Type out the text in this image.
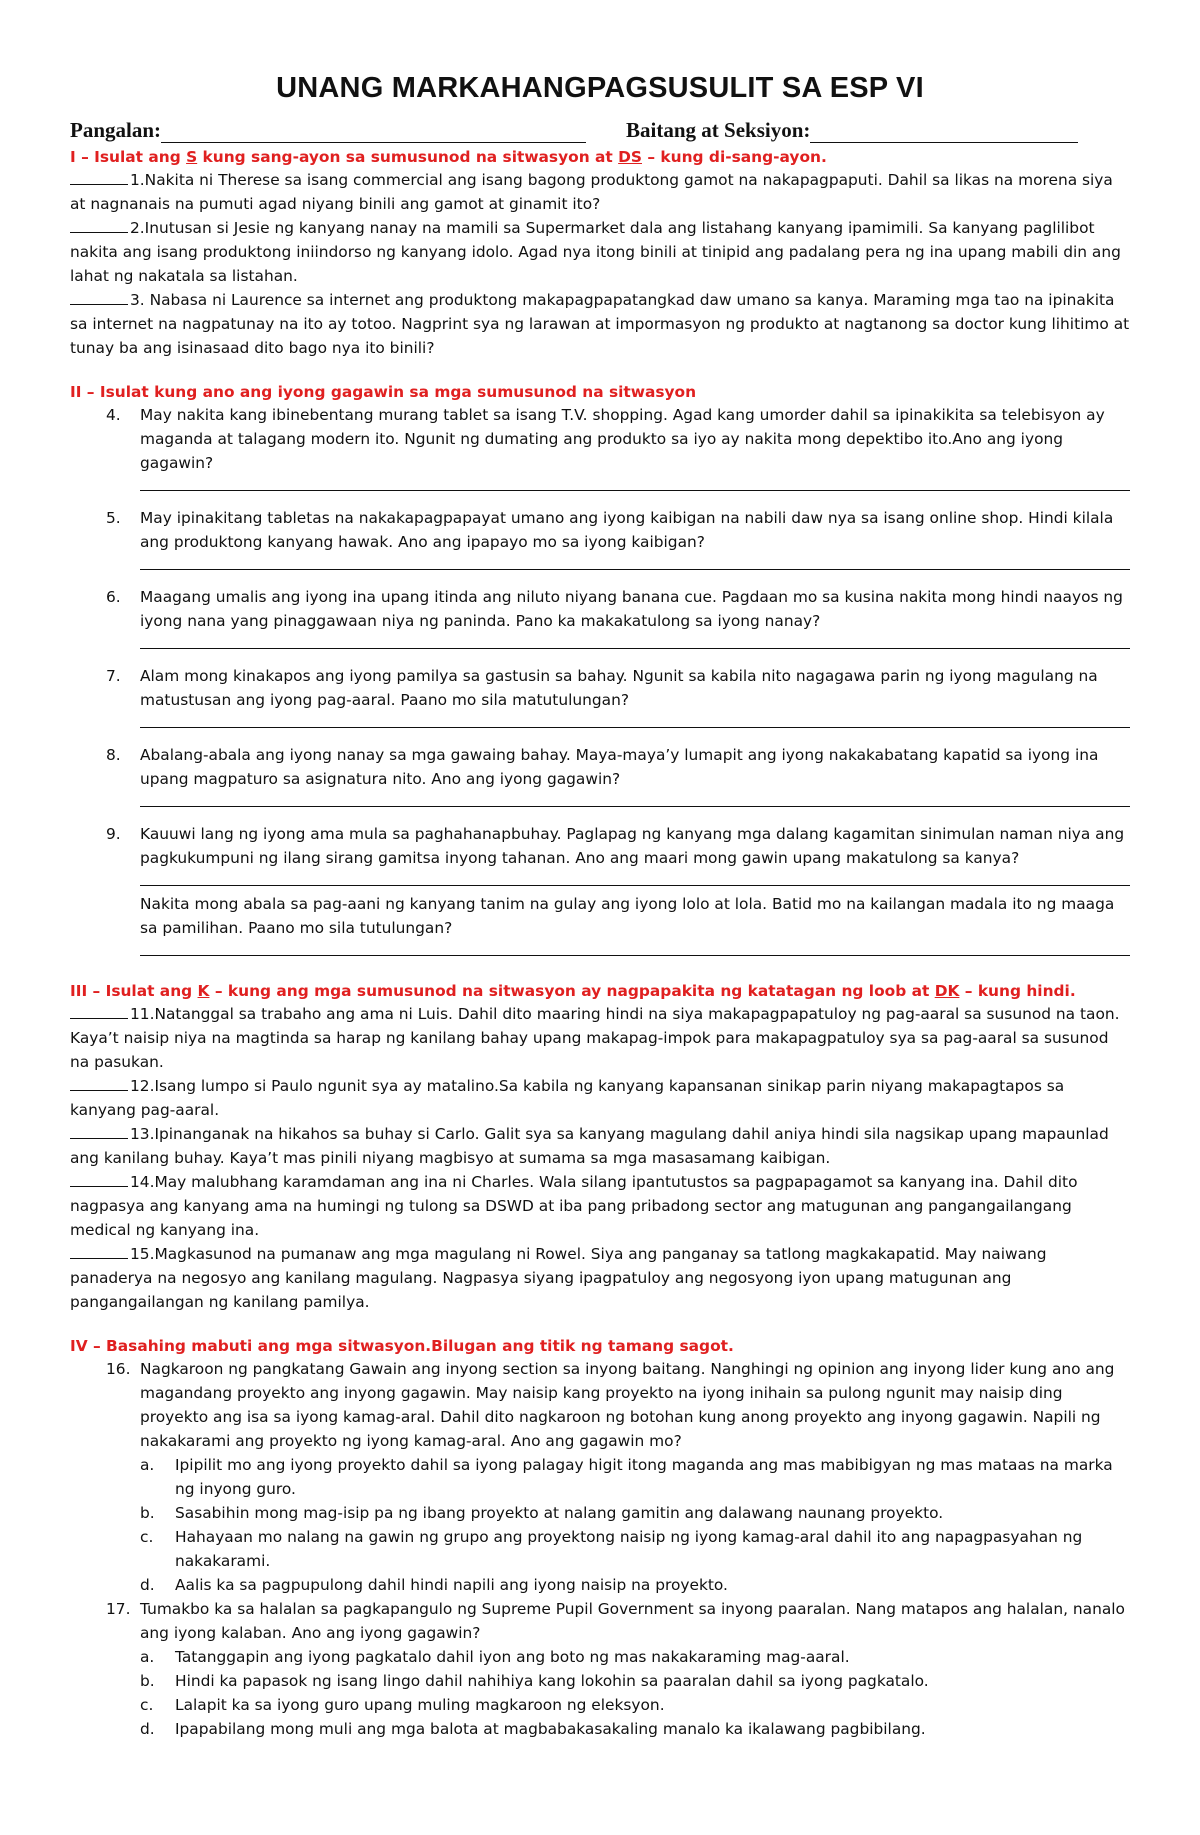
UNANG MARKAHANGPAGSUSULIT SA ESP VI
Pangalan:	Baitang at Seksiyon:
I – Isulat ang S kung sang-ayon sa sumusunod na sitwasyon at DS – kung di-sang-ayon.

1.Nakita ni Therese sa isang commercial ang isang bagong produktong gamot na nakapagpaputi. Dahil sa likas na morena siya at nagnanais na pumuti agad niyang binili ang gamot at ginamit ito?

2.Inutusan si Jesie ng kanyang nanay na mamili sa Supermarket dala ang listahang kanyang ipamimili. Sa kanyang paglilibot nakita ang isang produktong iniindorso ng kanyang idolo. Agad nya itong binili at tinipid ang padalang pera ng ina upang mabili din ang lahat ng nakatala sa listahan.

3. Nabasa ni Laurence sa internet ang produktong makapagpapatangkad daw umano sa kanya. Maraming mga tao na ipinakita sa internet na nagpatunay na ito ay totoo. Nagprint sya ng larawan at impormasyon ng produkto at nagtanong sa doctor kung lihitimo at tunay ba ang isinasaad dito bago nya ito binili?

II – Isulat kung ano ang iyong gagawin sa mga sumusunod na sitwasyon
4. May nakita kang ibinebentang murang tablet sa isang T.V. shopping. Agad kang umorder dahil sa ipinakikita sa telebisyon ay maganda at talagang modern ito. Ngunit ng dumating ang produkto sa iyo ay nakita mong depektibo ito.Ano ang iyong gagawin?
5. May ipinakitang tabletas na nakakapagpapayat umano ang iyong kaibigan na nabili daw nya sa isang online shop. Hindi kilala ang produktong kanyang hawak. Ano ang ipapayo mo sa iyong kaibigan?
6. Maagang umalis ang iyong ina upang itinda ang niluto niyang banana cue. Pagdaan mo sa kusina nakita mong hindi naayos ng iyong nana yang pinaggawaan niya ng paninda. Pano ka makakatulong sa iyong nanay?
7. Alam mong kinakapos ang iyong pamilya sa gastusin sa bahay. Ngunit sa kabila nito nagagawa parin ng iyong magulang na matustusan ang iyong pag-aaral. Paano mo sila matutulungan?
8. Abalang-abala ang iyong nanay sa mga gawaing bahay. Maya-maya’y lumapit ang iyong nakakabatang kapatid sa iyong ina upang magpaturo sa asignatura nito. Ano ang iyong gagawin?
9. Kauuwi lang ng iyong ama mula sa paghahanapbuhay. Paglapag ng kanyang mga dalang kagamitan sinimulan naman niya ang pagkukumpuni ng ilang sirang gamitsa inyong tahanan. Ano ang maari mong gawin upang makatulong sa kanya?
Nakita mong abala sa pag-aani ng kanyang tanim na gulay ang iyong lolo at lola. Batid mo na kailangan madala ito ng maaga sa pamilihan. Paano mo sila tutulungan?
III – Isulat ang K – kung ang mga sumusunod na sitwasyon ay nagpapakita ng katatagan ng loob at DK – kung hindi.

11.Natanggal sa trabaho ang ama ni Luis. Dahil dito maaring hindi na siya makapagpapatuloy ng pag-aaral sa susunod na taon. Kaya’t naisip niya na magtinda sa harap ng kanilang bahay upang makapag-impok para makapagpatuloy sya sa pag-aaral sa susunod na pasukan.

12.Isang lumpo si Paulo ngunit sya ay matalino.Sa kabila ng kanyang kapansanan sinikap parin niyang makapagtapos sa kanyang pag-aaral.

13.Ipinanganak na hikahos sa buhay si Carlo. Galit sya sa kanyang magulang dahil aniya hindi sila nagsikap upang mapaunlad ang kanilang buhay. Kaya’t mas pinili niyang magbisyo at sumama sa mga masasamang kaibigan.

14.May malubhang karamdaman ang ina ni Charles. Wala silang ipantutustos sa pagpapagamot sa kanyang ina. Dahil dito nagpasya ang kanyang ama na humingi ng tulong sa DSWD at iba pang pribadong sector ang matugunan ang pangangailangang medical ng kanyang ina.

15.Magkasunod na pumanaw ang mga magulang ni Rowel. Siya ang panganay sa tatlong magkakapatid. May naiwang panaderya na negosyo ang kanilang magulang. Nagpasya siyang ipagpatuloy ang negosyong iyon upang matugunan ang pangangailangan ng kanilang pamilya.

IV – Basahing mabuti ang mga sitwasyon.Bilugan ang titik ng tamang sagot.
16. Nagkaroon ng pangkatang Gawain ang inyong section sa inyong baitang. Nanghingi ng opinion ang inyong lider kung ano ang magandang proyekto ang inyong gagawin. May naisip kang proyekto na iyong inihain sa pulong ngunit may naisip ding proyekto ang isa sa iyong kamag-aral. Dahil dito nagkaroon ng botohan kung anong proyekto ang inyong gagawin. Napili ng nakakarami ang proyekto ng iyong kamag-aral. Ano ang gagawin mo?
a. Ipipilit mo ang iyong proyekto dahil sa iyong palagay higit itong maganda ang mas mabibigyan ng mas mataas na marka ng inyong guro.
b. Sasabihin mong mag-isip pa ng ibang proyekto at nalang gamitin ang dalawang naunang proyekto.
c. Hahayaan mo nalang na gawin ng grupo ang proyektong naisip ng iyong kamag-aral dahil ito ang napagpasyahan ng nakakarami.
d. Aalis ka sa pagpupulong dahil hindi napili ang iyong naisip na proyekto.
17. Tumakbo ka sa halalan sa pagkapangulo ng Supreme Pupil Government sa inyong paaralan. Nang matapos ang halalan, nanalo ang iyong kalaban. Ano ang iyong gagawin?
a. Tatanggapin ang iyong pagkatalo dahil iyon ang boto ng mas nakakaraming mag-aaral.
b. Hindi ka papasok ng isang lingo dahil nahihiya kang lokohin sa paaralan dahil sa iyong pagkatalo.
c. Lalapit ka sa iyong guro upang muling magkaroon ng eleksyon.
d. Ipapabilang mong muli ang mga balota at magbabakasakaling manalo ka ikalawang pagbibilang.
